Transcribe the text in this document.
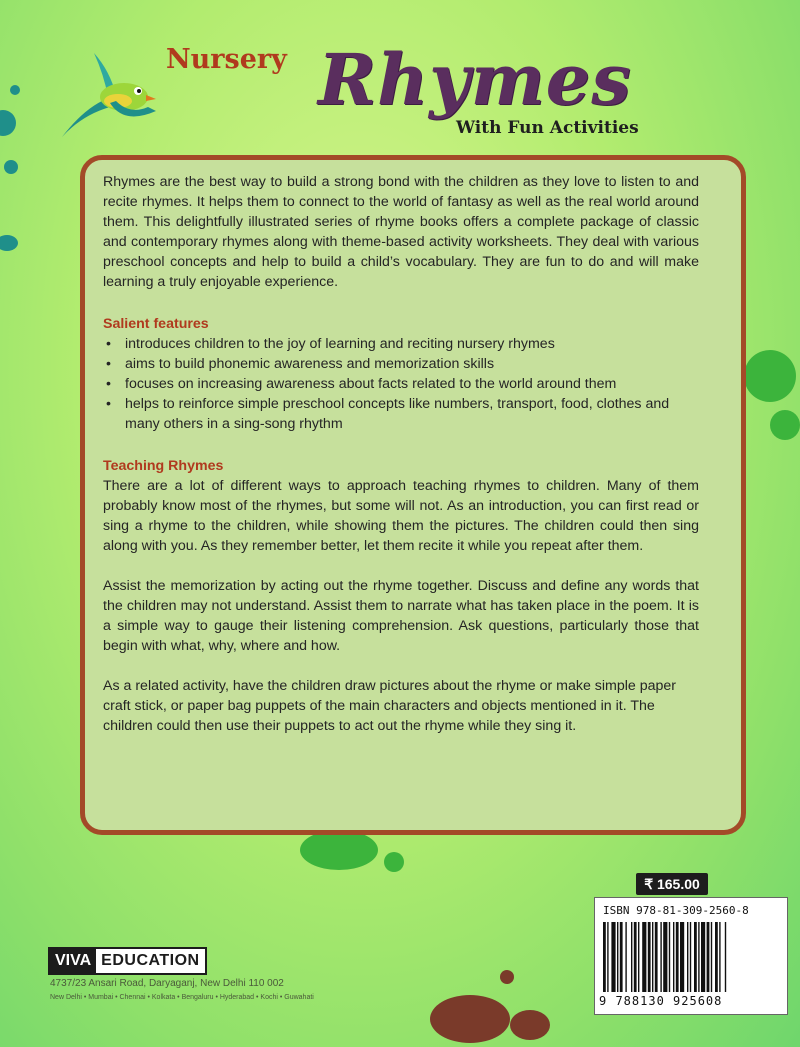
Nursery Rhymes
With Fun Activities

Rhymes are the best way to build a strong bond with the children as they love to listen to and recite rhymes. It helps them to connect to the world of fantasy as well as the real world around them. This delightfully illustrated series of rhyme books offers a complete package of classic and contemporary rhymes along with theme-based activity worksheets. They deal with various preschool concepts and help to build a child’s vocabulary. They are fun to do and will make learning a truly enjoyable experience.

Salient features
• introduces children to the joy of learning and reciting nursery rhymes
• aims to build phonemic awareness and memorization skills
• focuses on increasing awareness about facts related to the world around them
• helps to reinforce simple preschool concepts like numbers, transport, food, clothes and many others in a sing-song rhythm
Teaching Rhymes

There are a lot of different ways to approach teaching rhymes to children. Many of them probably know most of the rhymes, but some will not. As an introduction, you can first read or sing a rhyme to the children, while showing them the pictures. The children could then sing along with you. As they remember better, let them recite it while you repeat after them.

Assist the memorization by acting out the rhyme together. Discuss and define any words that the children may not understand. Assist them to narrate what has taken place in the poem. It is a simple way to gauge their listening comprehension. Ask questions, particularly those that begin with what, why, where and how.

As a related activity, have the children draw pictures about the rhyme or make simple paper craft stick, or paper bag puppets of the main characters and objects mentioned in it. The children could then use their puppets to act out the rhyme while they sing it.

₹ 165.00
ISBN 978-81-309-2560-8
9 788130 925608
VIVA EDUCATION
4737/23 Ansari Road, Daryaganj, New Delhi 110 002
New Delhi • Mumbai • Chennai • Kolkata • Bengaluru • Hyderabad • Kochi • Guwahati
